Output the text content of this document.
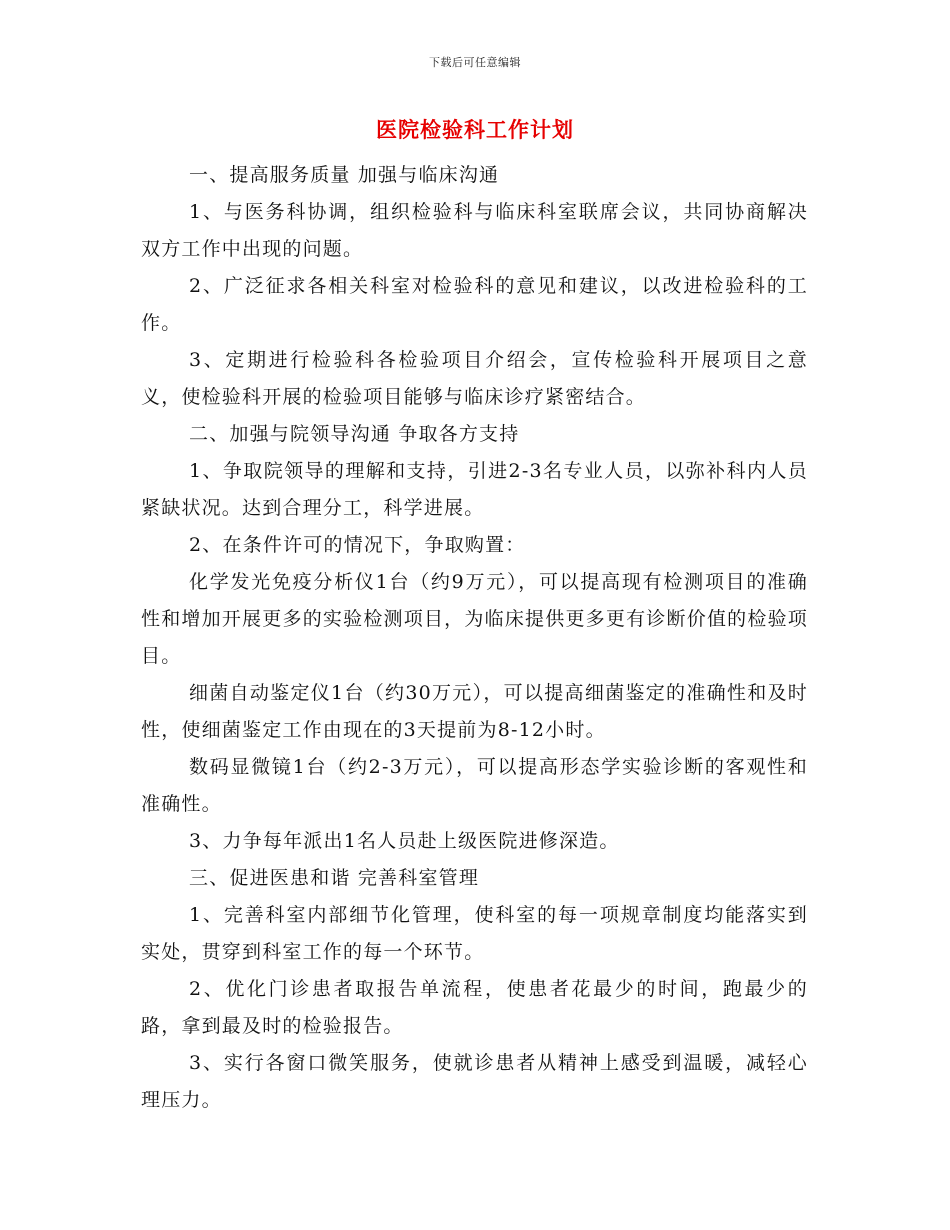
下载后可任意编辑
医院检验科工作计划

一、提高服务质量 加强与临床沟通

1、与医务科协调，组织检验科与临床科室联席会议，共同协商解决双方工作中出现的问题。

2、广泛征求各相关科室对检验科的意见和建议，以改进检验科的工作。

3、定期进行检验科各检验项目介绍会，宣传检验科开展项目之意义，使检验科开展的检验项目能够与临床诊疗紧密结合。

二、加强与院领导沟通 争取各方支持

1、争取院领导的理解和支持，引进2-3名专业人员，以弥补科内人员紧缺状况。达到合理分工，科学进展。

2、在条件许可的情况下，争取购置：

化学发光免疫分析仪1台（约9万元），可以提高现有检测项目的准确性和增加开展更多的实验检测项目，为临床提供更多更有诊断价值的检验项目。

细菌自动鉴定仪1台（约30万元），可以提高细菌鉴定的准确性和及时性，使细菌鉴定工作由现在的3天提前为8-12小时。

数码显微镜1台（约2-3万元），可以提高形态学实验诊断的客观性和准确性。

3、力争每年派出1名人员赴上级医院进修深造。

三、促进医患和谐 完善科室管理

1、完善科室内部细节化管理，使科室的每一项规章制度均能落实到实处，贯穿到科室工作的每一个环节。

2、优化门诊患者取报告单流程，使患者花最少的时间，跑最少的路，拿到最及时的检验报告。

3、实行各窗口微笑服务，使就诊患者从精神上感受到温暖，减轻心理压力。
